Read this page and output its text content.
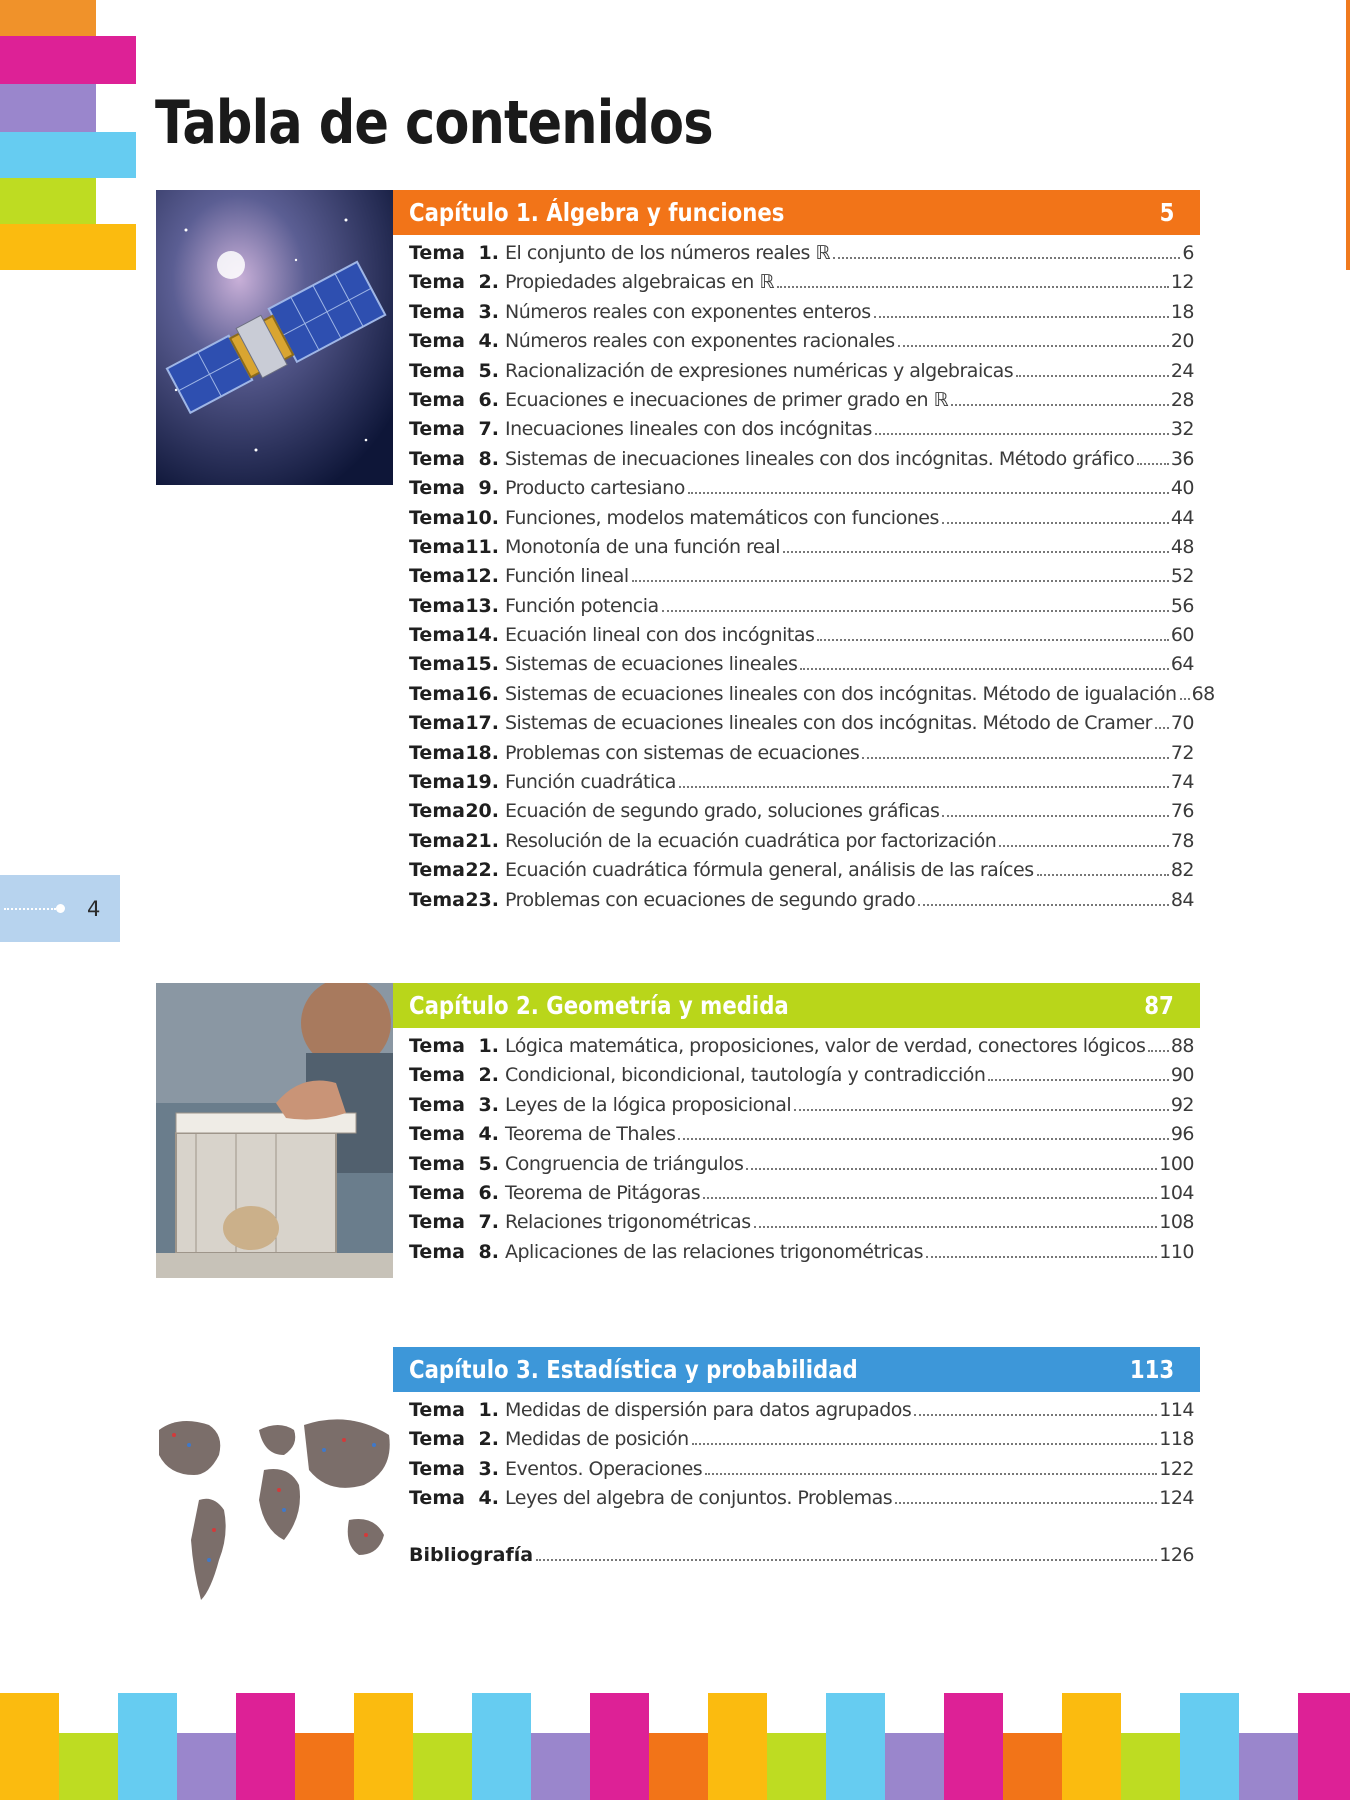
Tabla de contenidos
Capítulo 1. Álgebra y funciones	5
Tema 1. El conjunto de los números reales ℝ	6
Tema 2. Propiedades algebraicas en ℝ	12
Tema 3. Números reales con exponentes enteros	18
Tema 4. Números reales con exponentes racionales	20
Tema 5. Racionalización de expresiones numéricas y algebraicas	24
Tema 6. Ecuaciones e inecuaciones de primer grado en ℝ	28
Tema 7. Inecuaciones lineales con dos incógnitas	32
Tema 8. Sistemas de inecuaciones lineales con dos incógnitas. Método gráfico 36
Tema 9. Producto cartesiano	40
Tema 10. Funciones, modelos matemáticos con funciones	44
Tema 11. Monotonía de una función real	48
Tema 12. Función lineal	52
Tema 13. Función potencia	56
Tema 14. Ecuación lineal con dos incógnitas	60
Tema 15. Sistemas de ecuaciones lineales	64
Tema 16. Sistemas de ecuaciones lineales con dos incógnitas. Método de igualación 68
Tema 17. Sistemas de ecuaciones lineales con dos incógnitas. Método de Cramer 70
Tema 18. Problemas con sistemas de ecuaciones	72
Tema 19. Función cuadrática	74
Tema 20. Ecuación de segundo grado, soluciones gráficas	76
Tema 21. Resolución de la ecuación cuadrática por factorización	78
Tema 22. Ecuación cuadrática fórmula general, análisis de las raíces	82
Tema 23. Problemas con ecuaciones de segundo grado	84
4
Capítulo 2. Geometría y medida	87
Tema 1. Lógica matemática, proposiciones, valor de verdad, conectores lógicos 88
Tema 2. Condicional, bicondicional, tautología y contradicción	90
Tema 3. Leyes de la lógica proposicional	92
Tema 4. Teorema de Thales	96
Tema 5. Congruencia de triángulos	100
Tema 6. Teorema de Pitágoras	104
Tema 7. Relaciones trigonométricas	108
Tema 8. Aplicaciones de las relaciones trigonométricas	110
Capítulo 3. Estadística y probabilidad	113
Tema 1. Medidas de dispersión para datos agrupados	114
Tema 2. Medidas de posición	118
Tema 3. Eventos. Operaciones	122
Tema 4. Leyes del algebra de conjuntos. Problemas	124
Bibliografía	126
